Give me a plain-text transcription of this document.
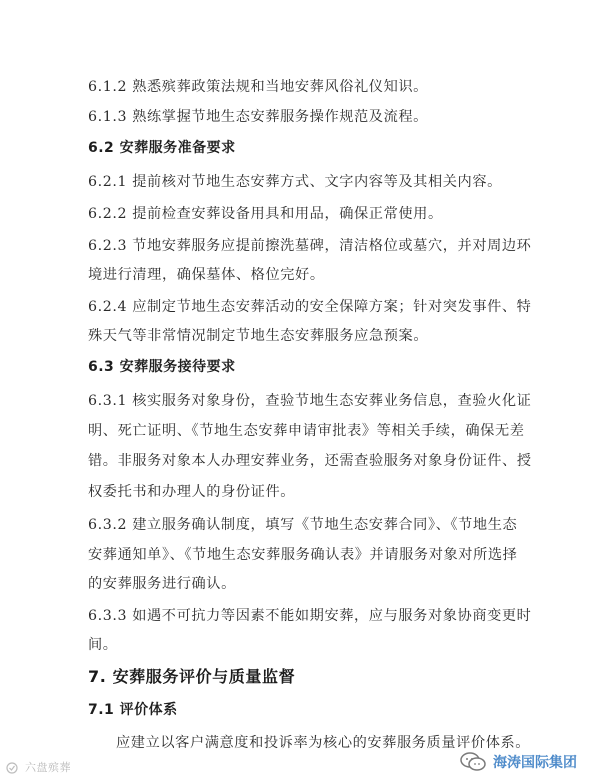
6.1.2 熟悉殡葬政策法规和当地安葬风俗礼仪知识。
6.1.3 熟练掌握节地生态安葬服务操作规范及流程。
6.2 安葬服务准备要求
6.2.1 提前核对节地生态安葬方式、文字内容等及其相关内容。
6.2.2 提前检查安葬设备用具和用品，确保正常使用。
6.2.3 节地安葬服务应提前擦洗墓碑，清洁格位或墓穴，并对周边环
境进行清理，确保墓体、格位完好。
6.2.4 应制定节地生态安葬活动的安全保障方案；针对突发事件、特
殊天气等非常情况制定节地生态安葬服务应急预案。
6.3 安葬服务接待要求
6.3.1 核实服务对象身份，查验节地生态安葬业务信息，查验火化证
明、死亡证明、《节地生态安葬申请审批表》等相关手续，确保无差
错。非服务对象本人办理安葬业务，还需查验服务对象身份证件、授
权委托书和办理人的身份证件。
6.3.2 建立服务确认制度，填写《节地生态安葬合同》、《节地生态
安葬通知单》、《节地生态安葬服务确认表》并请服务对象对所选择
的安葬服务进行确认。
6.3.3 如遇不可抗力等因素不能如期安葬，应与服务对象协商变更时
间。
7. 安葬服务评价与质量监督
7.1 评价体系
应建立以客户满意度和投诉率为核心的安葬服务质量评价体系。
六盘殡葬	海涛国际集团
